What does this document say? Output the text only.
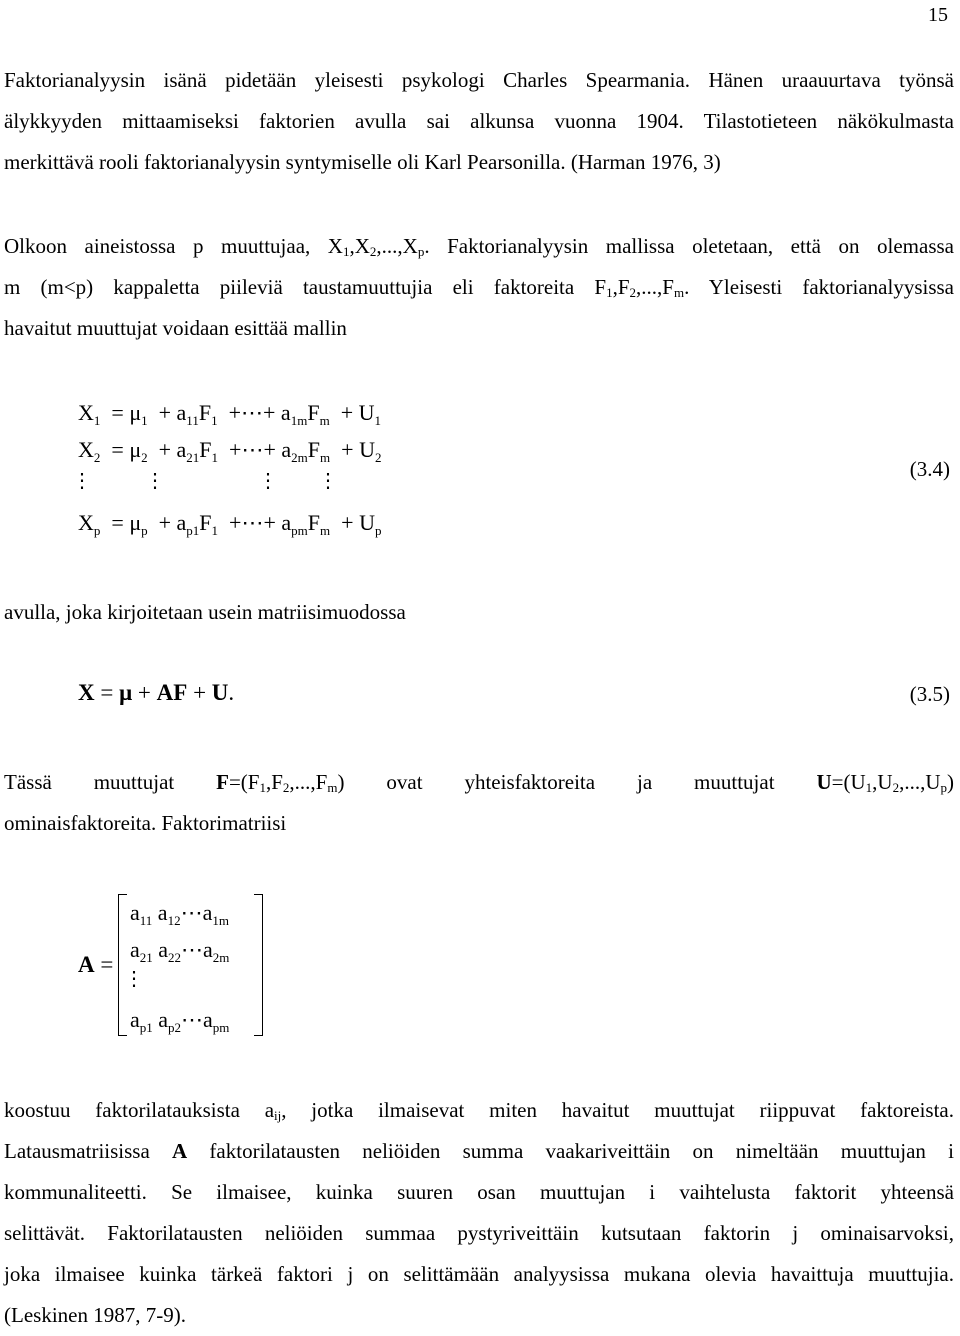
15
Faktorianalyysin isänä pidetään yleisesti psykologi Charles Spearmania. Hänen uraauurtava työnsä
älykkyyden mittaamiseksi faktorien avulla sai alkunsa vuonna 1904. Tilastotieteen näkökulmasta
merkittävä rooli faktorianalyysin syntymiselle oli Karl Pearsonilla. (Harman 1976, 3)
Olkoon aineistossa p muuttujaa, $X_1,X_2,...,X_p$. Faktorianalyysin mallissa oletetaan, että on olemassa
m (m<p) kappaletta piileviä taustamuuttujia eli faktoreita $F_1,F_2,...,F_m$. Yleisesti faktorianalyysissa
havaitut muuttujat voidaan esittää mallin
$X_1 = \mu_1 + a_{11}F_1$ +⋯+ $a_{1m}F_m + U_1$
$X_2 = \mu_2 + a_{21}F_1$ +⋯+ $a_{2m}F_m + U_2$
⋮	⋮	⋮ ⋮
$X_p = \mu_p + a_{p1}F_1$ +⋯+ $a_{pm}F_m + U_p$
(3.4)
avulla, joka kirjoitetaan usein matriisimuodossa
X = μ + AF + U.	(3.5)
Tässä muuttujat $F=(F_1,F_2,...,F_m)$ ovat yhteisfaktoreita ja muuttujat $U=(U_1,U_2,...,U_p)$
ominaisfaktoreita. Faktorimatriisi
A =
$a_{11}$ $a_{12}\cdots a_{1m}$
$a_{21}$ $a_{22}\cdots a_{2m}$
⋮
$a_{p1}$ $a_{p2}\cdots a_{pm}$
koostuu faktorilatauksista $a_{ij}$, jotka ilmaisevat miten havaitut muuttujat riippuvat faktoreista.
Latausmatriisissa A faktorilatausten neliöiden summa vaakariveittäin on nimeltään muuttujan i
kommunaliteetti. Se ilmaisee, kuinka suuren osan muuttujan i vaihtelusta faktorit yhteensä
selittävät. Faktorilatausten neliöiden summaa pystyriveittäin kutsutaan faktorin j ominaisarvoksi,
joka ilmaisee kuinka tärkeä faktori j on selittämään analyysissa mukana olevia havaittuja muuttujia.
(Leskinen 1987, 7-9).
